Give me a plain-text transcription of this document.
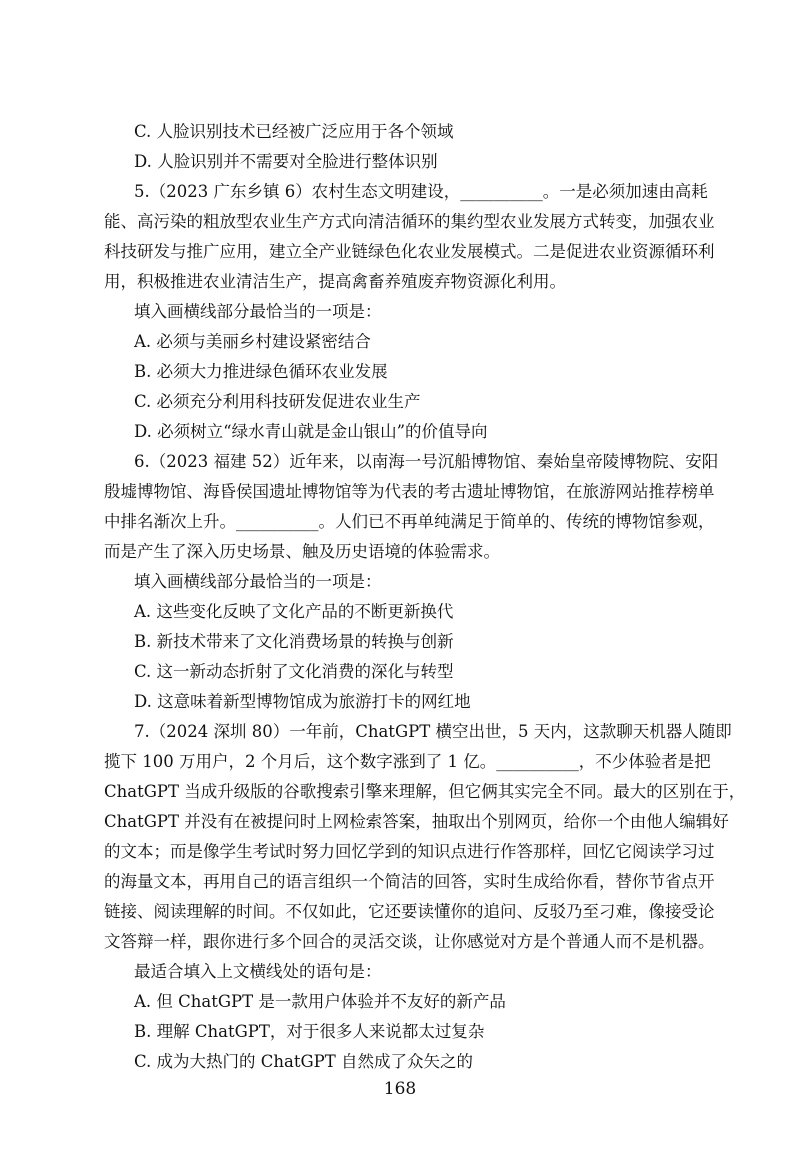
C. 人脸识别技术已经被广泛应用于各个领域
D. 人脸识别并不需要对全脸进行整体识别
5.（2023 广东乡镇 6）农村生态文明建设，__________。一是必须加速由高耗
能、高污染的粗放型农业生产方式向清洁循环的集约型农业发展方式转变，加强农业
科技研发与推广应用，建立全产业链绿色化农业发展模式。二是促进农业资源循环利
用，积极推进农业清洁生产，提高禽畜养殖废弃物资源化利用。
填入画横线部分最恰当的一项是：
A. 必须与美丽乡村建设紧密结合
B. 必须大力推进绿色循环农业发展
C. 必须充分利用科技研发促进农业生产
D. 必须树立“绿水青山就是金山银山”的价值导向
6.（2023 福建 52）近年来，以南海一号沉船博物馆、秦始皇帝陵博物院、安阳
殷墟博物馆、海昏侯国遗址博物馆等为代表的考古遗址博物馆，在旅游网站推荐榜单
中排名渐次上升。__________。人们已不再单纯满足于简单的、传统的博物馆参观，
而是产生了深入历史场景、触及历史语境的体验需求。
填入画横线部分最恰当的一项是：
A. 这些变化反映了文化产品的不断更新换代
B. 新技术带来了文化消费场景的转换与创新
C. 这一新动态折射了文化消费的深化与转型
D. 这意味着新型博物馆成为旅游打卡的网红地
7.（2024 深圳 80）一年前，ChatGPT 横空出世，5 天内，这款聊天机器人随即
揽下 100 万用户，2 个月后，这个数字涨到了 1 亿。__________，不少体验者是把
ChatGPT 当成升级版的谷歌搜索引擎来理解，但它俩其实完全不同。最大的区别在于，
ChatGPT 并没有在被提问时上网检索答案，抽取出个别网页，给你一个由他人编辑好
的文本；而是像学生考试时努力回忆学到的知识点进行作答那样，回忆它阅读学习过
的海量文本，再用自己的语言组织一个简洁的回答，实时生成给你看，替你节省点开
链接、阅读理解的时间。不仅如此，它还要读懂你的追问、反驳乃至刁难，像接受论
文答辩一样，跟你进行多个回合的灵活交谈，让你感觉对方是个普通人而不是机器。
最适合填入上文横线处的语句是：
A. 但 ChatGPT 是一款用户体验并不友好的新产品
B. 理解 ChatGPT，对于很多人来说都太过复杂
C. 成为大热门的 ChatGPT 自然成了众矢之的
168
